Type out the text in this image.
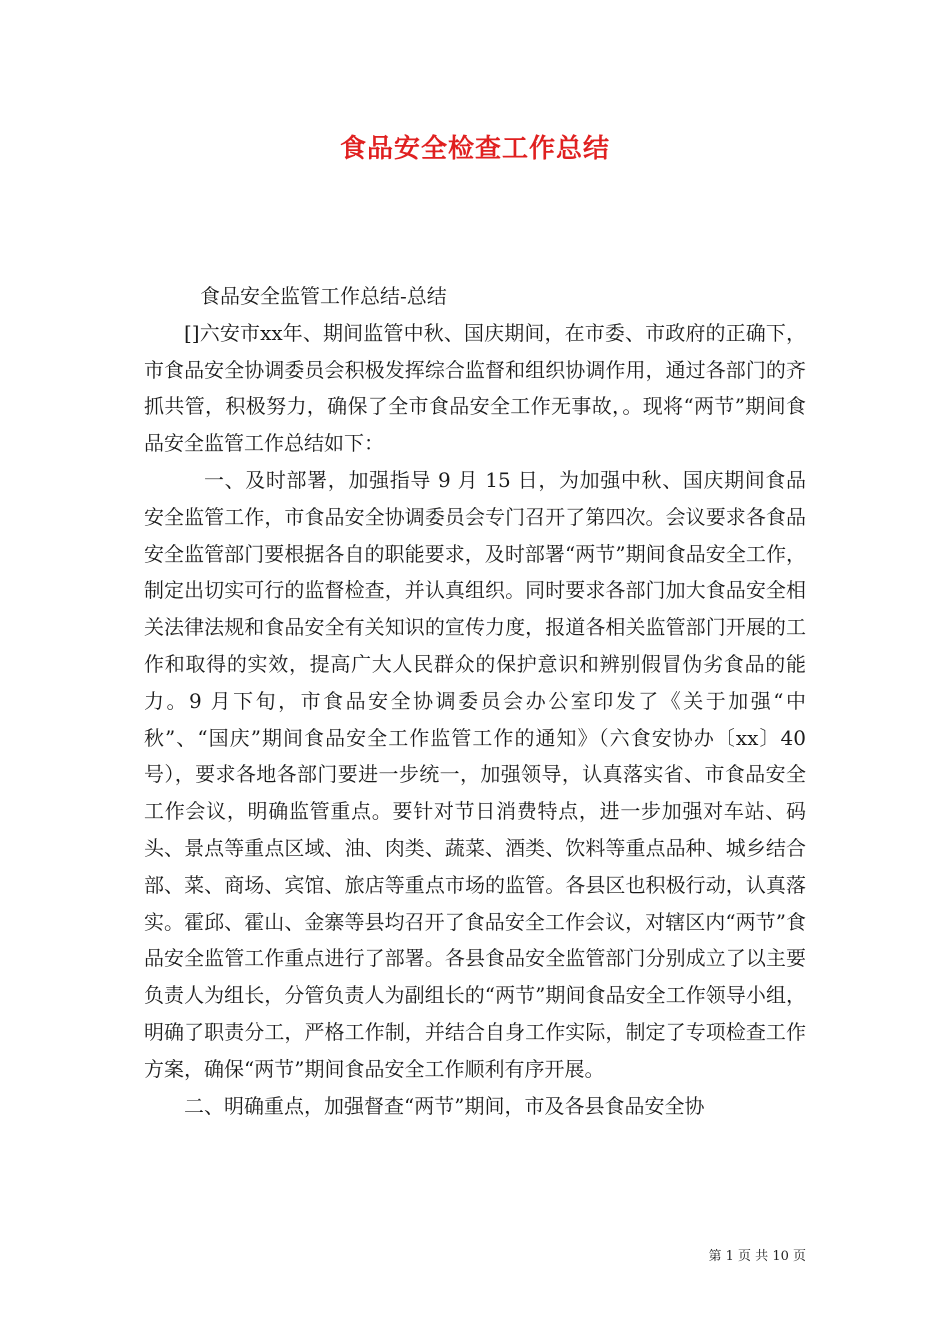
食品安全检查工作总结

食品安全监管工作总结-总结

[]六安市xx年、期间监管中秋、国庆期间，在市委、市政府的正确下，市食品安全协调委员会积极发挥综合监督和组织协调作用，通过各部门的齐抓共管，积极努力，确保了全市食品安全工作无事故，。现将“两节”期间食品安全监管工作总结如下：

一、及时部署，加强指导 9 月 15 日，为加强中秋、国庆期间食品安全监管工作，市食品安全协调委员会专门召开了第四次。会议要求各食品安全监管部门要根据各自的职能要求，及时部署“两节”期间食品安全工作，制定出切实可行的监督检查，并认真组织。同时要求各部门加大食品安全相关法律法规和食品安全有关知识的宣传力度，报道各相关监管部门开展的工作和取得的实效，提高广大人民群众的保护意识和辨别假冒伪劣食品的能力。9 月下旬，市食品安全协调委员会办公室印发了《关于加强“中秋”、“国庆”期间食品安全工作监管工作的通知》（六食安协办〔xx〕40 号），要求各地各部门要进一步统一，加强领导，认真落实省、市食品安全工作会议，明确监管重点。要针对节日消费特点，进一步加强对车站、码头、景点等重点区域、油、肉类、蔬菜、酒类、饮料等重点品种、城乡结合部、菜、商场、宾馆、旅店等重点市场的监管。各县区也积极行动，认真落实。霍邱、霍山、金寨等县均召开了食品安全工作会议，对辖区内“两节”食品安全监管工作重点进行了部署。各县食品安全监管部门分别成立了以主要负责人为组长，分管负责人为副组长的“两节”期间食品安全工作领导小组，明确了职责分工，严格工作制，并结合自身工作实际，制定了专项检查工作方案，确保“两节”期间食品安全工作顺利有序开展。

二、明确重点，加强督查“两节”期间，市及各县食品安全协

第 1 页 共 10 页
